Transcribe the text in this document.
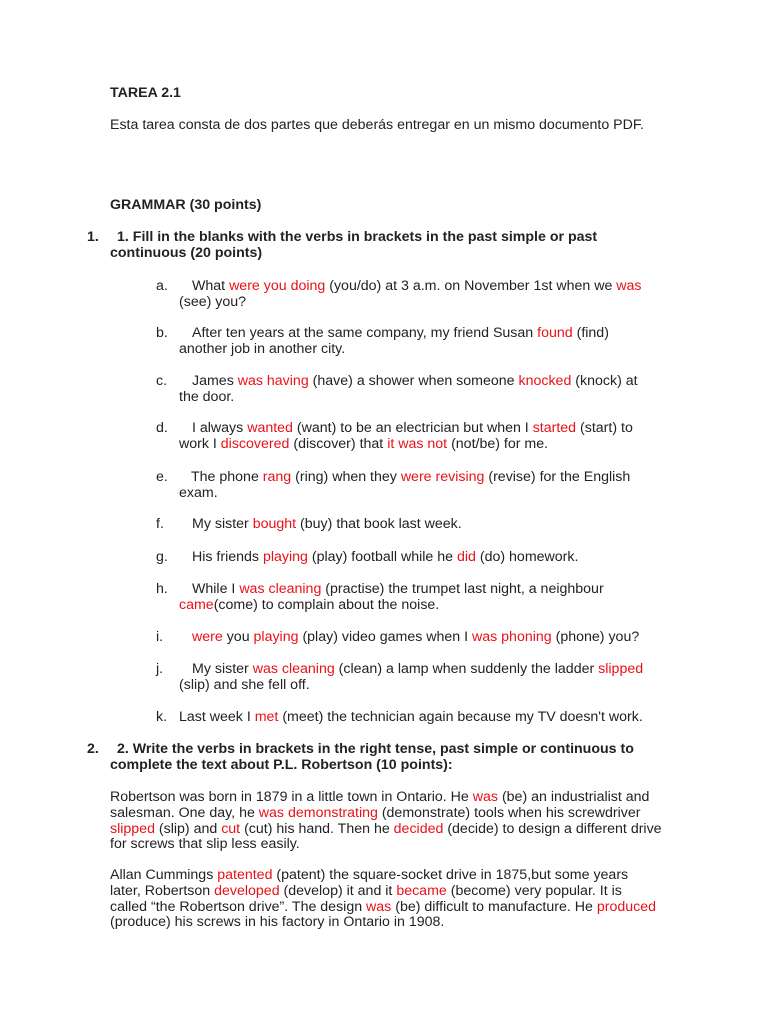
TAREA 2.1
Esta tarea consta de dos partes que deberás entregar en un mismo documento PDF.
GRAMMAR (30 points)
1.	1. Fill in the blanks with the verbs in brackets in the past simple or past continuous (20 points)
a.	What were you doing (you/do) at 3 a.m. on November 1st when we was (see) you?
b.	After ten years at the same company, my friend Susan found (find) another job in another city.
c.	James was having (have) a shower when someone knocked (knock) at the door.
d.	I always wanted (want) to be an electrician but when I started (start) to work I discovered (discover) that it was not (not/be) for me.
e.	The phone rang (ring) when they were revising (revise) for the English exam.
f.	My sister bought (buy) that book last week.
g.	His friends playing (play) football while he did (do) homework.
h.	While I was cleaning (practise) the trumpet last night, a neighbour came(come) to complain about the noise.
i.	were you playing (play) video games when I was phoning (phone) you?
j.	My sister was cleaning (clean) a lamp when suddenly the ladder slipped (slip) and she fell off.
k. Last week I met (meet) the technician again because my TV doesn't work.
2.	2. Write the verbs in brackets in the right tense, past simple or continuous to complete the text about P.L. Robertson (10 points):
Robertson was born in 1879 in a little town in Ontario. He was (be) an industrialist and salesman. One day, he was demonstrating (demonstrate) tools when his screwdriver slipped (slip) and cut (cut) his hand. Then he decided (decide) to design a different drive for screws that slip less easily.
Allan Cummings patented (patent) the square-socket drive in 1875,but some years later, Robertson developed (develop) it and it became (become) very popular. It is called “the Robertson drive”. The design was (be) difficult to manufacture. He produced (produce) his screws in his factory in Ontario in 1908.
